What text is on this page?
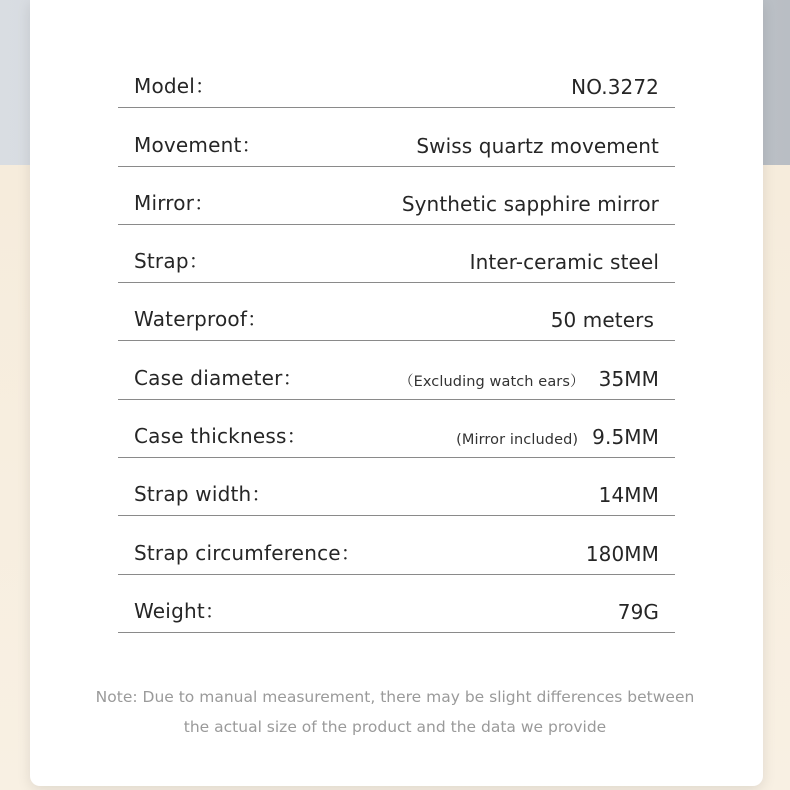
Model：	NO.3272
Movement：	Swiss quartz movement
Mirror：	Synthetic sapphire mirror
Strap：	Inter-ceramic steel
Waterproof：	50 meters
Case diameter：	（Excluding watch ears） 35MM
Case thickness：	(Mirror included) 9.5MM
Strap width：	14MM
Strap circumference：	180MM
Weight：	79G
Note: Due to manual measurement, there may be slight differences between
the actual size of the product and the data we provide
